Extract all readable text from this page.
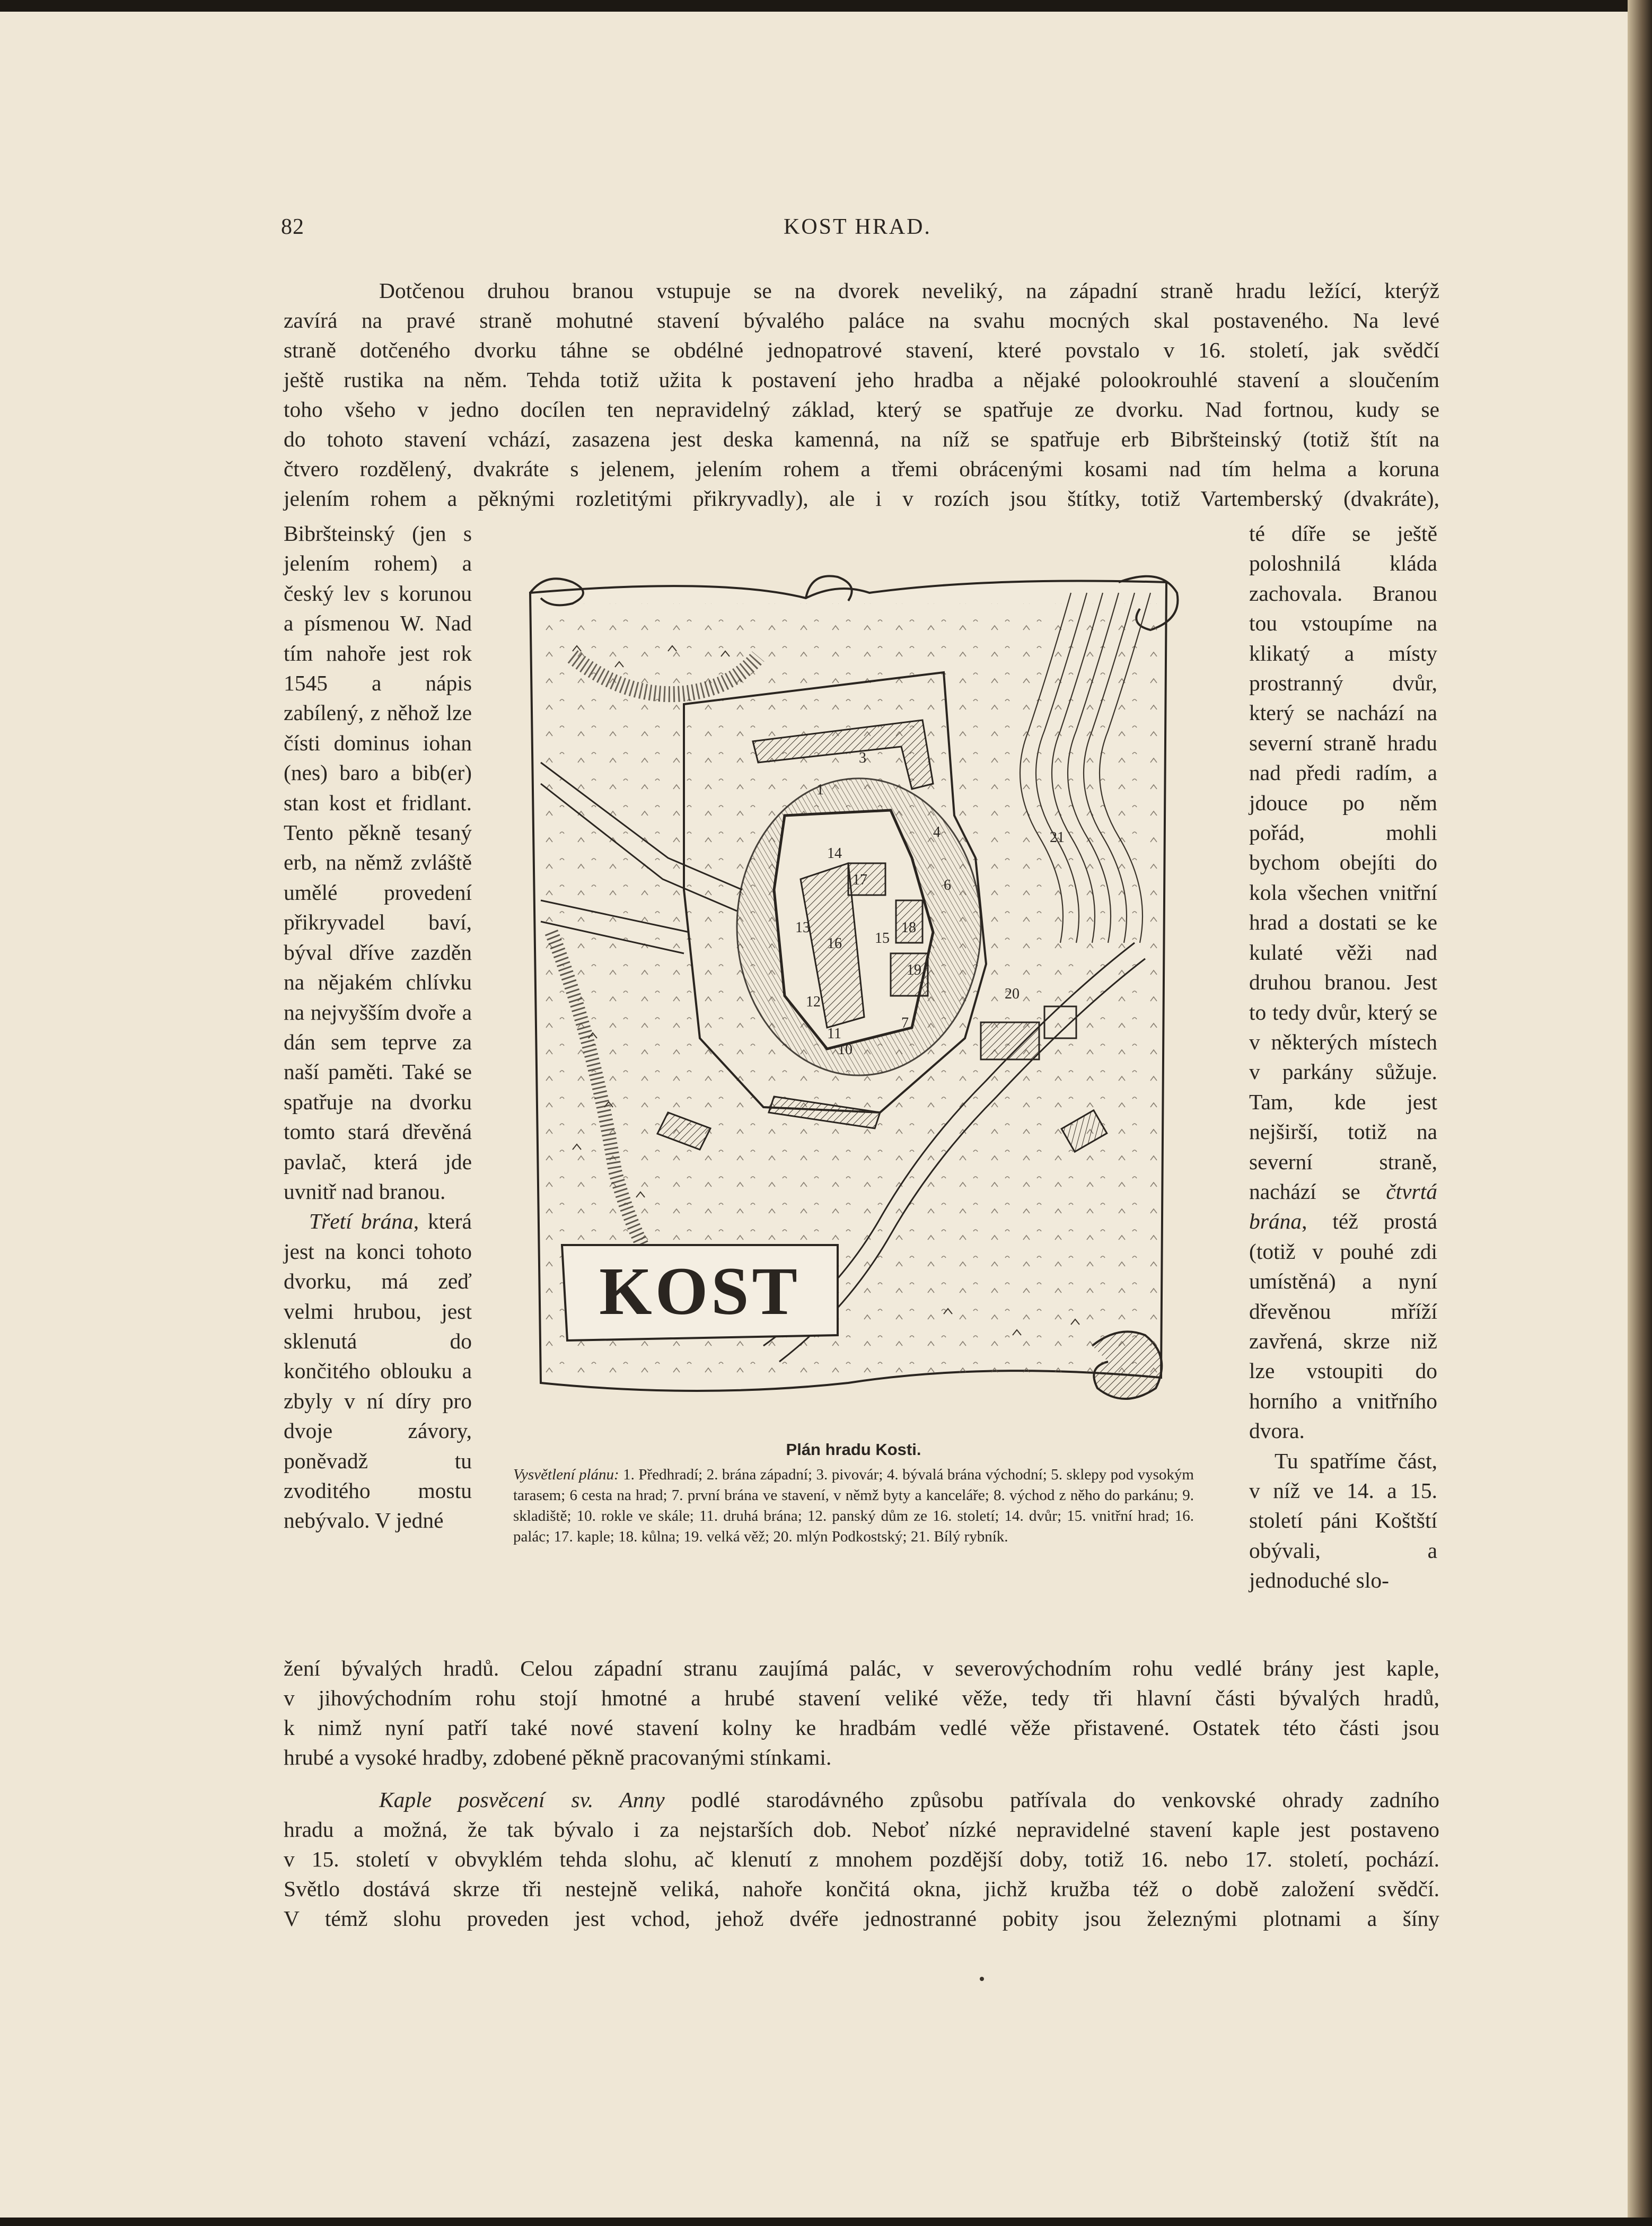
82	KOST HRAD.

Dotčenou druhou branou vstupuje se na dvorek neveliký, na západní straně hradu ležící, kterýž

zavírá na pravé straně mohutné stavení bývalého paláce na svahu mocných skal postaveného. Na levé

straně dotčeného dvorku táhne se obdélné jednopatrové stavení, které povstalo v 16. století, jak svědčí

ještě rustika na něm. Tehda totiž užita k postavení jeho hradba a nějaké polookrouhlé stavení a sloučením

toho všeho v jedno docílen ten nepravidelný základ, který se spatřuje ze dvorku. Nad fortnou, kudy se

do tohoto stavení vchází, zasazena jest deska kamenná, na níž se spatřuje erb Bibršteinský (totiž štít na

čtvero rozdělený, dvakráte s jelenem, jelením rohem a třemi obrácenými kosami nad tím helma a koruna

jelením rohem a pěknými rozletitými přikryvadly), ale i v rozích jsou štítky, totiž Vartemberský (dvakráte),

Bibršteinský (jen s jelením rohem) a český lev s korunou a písmenou W. Nad tím nahoře jest rok 1545 a nápis zabílený, z něhož lze čísti dominus iohan (nes) baro a bib(er) stan kost et fridlant. Tento pěkně tesaný erb, na němž zvláště umělé provedení přikryvadel baví, býval dříve zazděn na nějakém chlívku na nejvyšším dvoře a dán sem teprve za naší paměti. Také se spatřuje na dvorku tomto stará dřevěná pavlač, která jde uvnitř nad branou.

Třetí brána, která jest na konci tohoto dvorku, má zeď velmi hrubou, jest sklenutá do končitého oblouku a zbyly v ní díry pro dvoje závory, poněvadž tu zvoditého mostu nebývalo. V jedné

té díře se ještě poloshnilá kláda zachovala. Branou tou vstoupíme na klikatý a místy prostranný dvůr, který se nachází na severní straně hradu nad předi radím, a jdouce po něm pořád, mohli bychom obejíti do kola všechen vnitřní hrad a dostati se ke kulaté věži nad druhou branou. Jest to tedy dvůr, který se v některých místech v parkány sůžuje. Tam, kde jest nejširší, totiž na severní straně, nachází se čtvrtá brána, též prostá (totiž v pouhé zdi umístěná) a nyní dřevěnou mříží zavřená, skrze niž lze vstoupiti do horního a vnitřního dvora.

Tu spatříme část, v níž ve 14. a 15. století páni Koštští obývali, a jednoduché slo-

3
1
4	21
6
14
17
18
15
16
13
19
12
11
10
7
20
KOST
Plán hradu Kosti.
Vysvětlení plánu: 1. Předhradí; 2. brána západní; 3. pivovár; 4. bývalá brána východní; 5. sklepy pod vysokým tarasem; 6 cesta na hrad; 7. první brána ve stavení, v němž byty a kanceláře; 8. východ z něho do parkánu; 9. skladiště; 10. rokle ve skále; 11. druhá brána; 12. panský dům ze 16. století; 14. dvůr; 15. vnitřní hrad; 16. palác; 17. kaple; 18. kůlna; 19. velká věž; 20. mlýn Podkostský; 21. Bílý rybník.

žení bývalých hradů. Celou západní stranu zaujímá palác, v severovýchodním rohu vedlé brány jest kaple,

v jihovýchodním rohu stojí hmotné a hrubé stavení veliké věže, tedy tři hlavní části bývalých hradů,

k nimž nyní patří také nové stavení kolny ke hradbám vedlé věže přistavené. Ostatek této části jsou

hrubé a vysoké hradby, zdobené pěkně pracovanými stínkami.

Kaple posvěcení sv. Anny podlé starodávného způsobu patřívala do venkovské ohrady zadního

hradu a možná, že tak bývalo i za nejstarších dob. Neboť nízké nepravidelné stavení kaple jest postaveno

v 15. století v obvyklém tehda slohu, ač klenutí z mnohem pozdější doby, totiž 16. nebo 17. století, pochází.

Světlo dostává skrze tři nestejně veliká, nahoře končitá okna, jichž kružba též o době založení svědčí.

V témž slohu proveden jest vchod, jehož dvéře jednostranné pobity jsou železnými plotnami a šíny
